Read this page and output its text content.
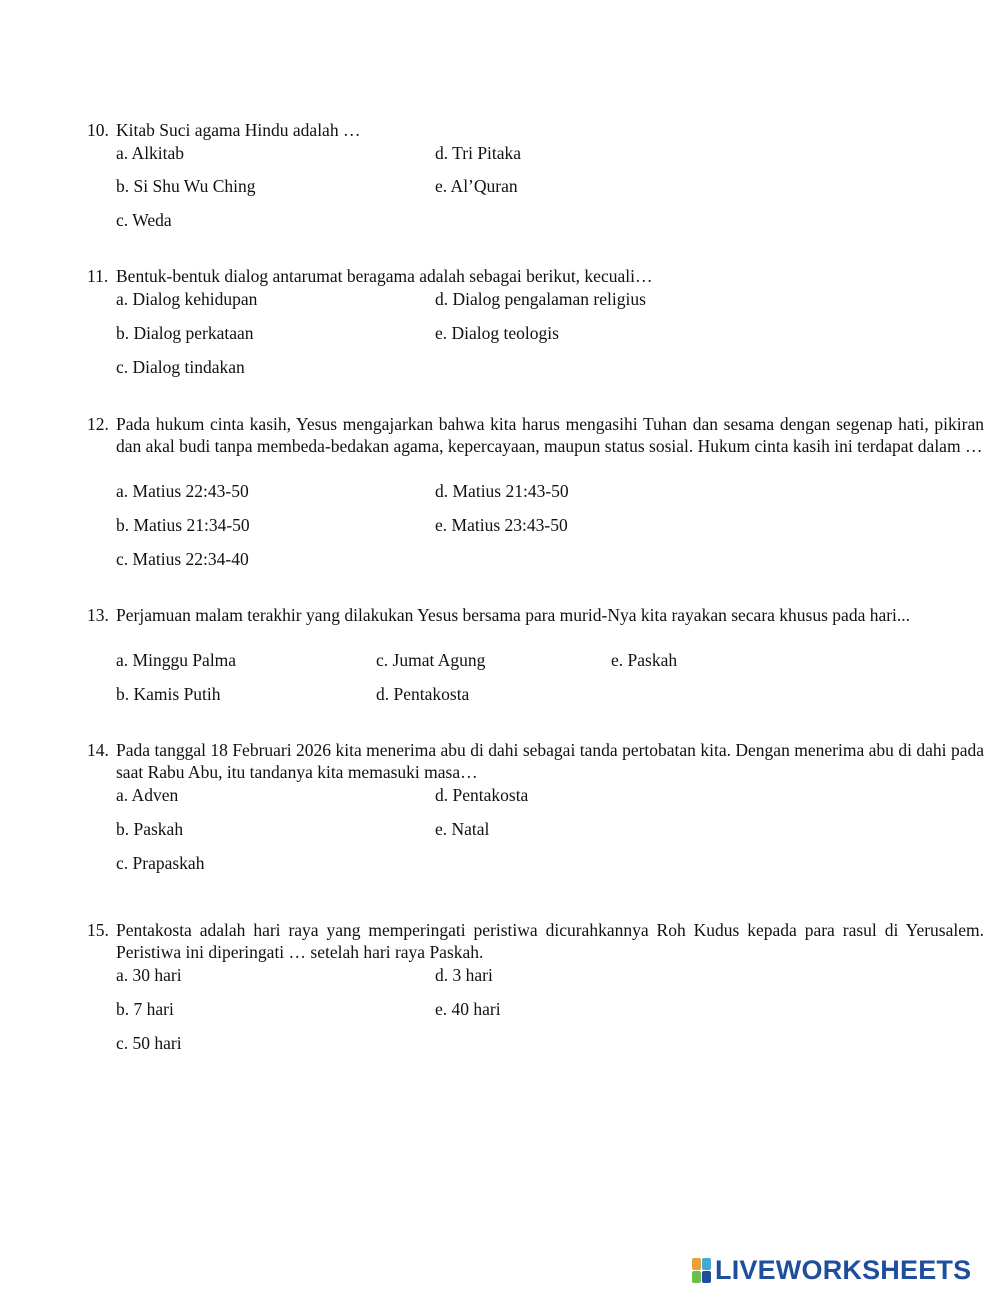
10. Kitab Suci agama Hindu adalah …
a. Alkitab	d. Tri Pitaka
b. Si Shu Wu Ching	e. Al’Quran
c. Weda
11. Bentuk-bentuk dialog antarumat beragama adalah sebagai berikut, kecuali…
a. Dialog kehidupan	d. Dialog pengalaman religius
b. Dialog perkataan	e. Dialog teologis
c. Dialog tindakan
12. Pada hukum cinta kasih, Yesus mengajarkan bahwa kita harus mengasihi Tuhan dan sesama dengan segenap hati, pikiran dan akal budi tanpa membeda-bedakan agama, kepercayaan, maupun status sosial. Hukum cinta kasih ini terdapat dalam …
a. Matius 22:43-50	d. Matius 21:43-50
b. Matius 21:34-50	e. Matius 23:43-50
c. Matius 22:34-40
13. Perjamuan malam terakhir yang dilakukan Yesus bersama para murid-Nya kita rayakan secara khusus pada hari...
a. Minggu Palma	c. Jumat Agung	e. Paskah
b. Kamis Putih	d. Pentakosta
14. Pada tanggal 18 Februari 2026 kita menerima abu di dahi sebagai tanda pertobatan kita. Dengan menerima abu di dahi pada saat Rabu Abu, itu tandanya kita memasuki masa…
a. Adven	d. Pentakosta
b. Paskah	e. Natal
c. Prapaskah
15. Pentakosta adalah hari raya yang memperingati peristiwa dicurahkannya Roh Kudus kepada para rasul di Yerusalem. Peristiwa ini diperingati … setelah hari raya Paskah.
a. 30 hari	d. 3 hari
b. 7 hari	e. 40 hari
c. 50 hari
LIVEWORKSHEETS
